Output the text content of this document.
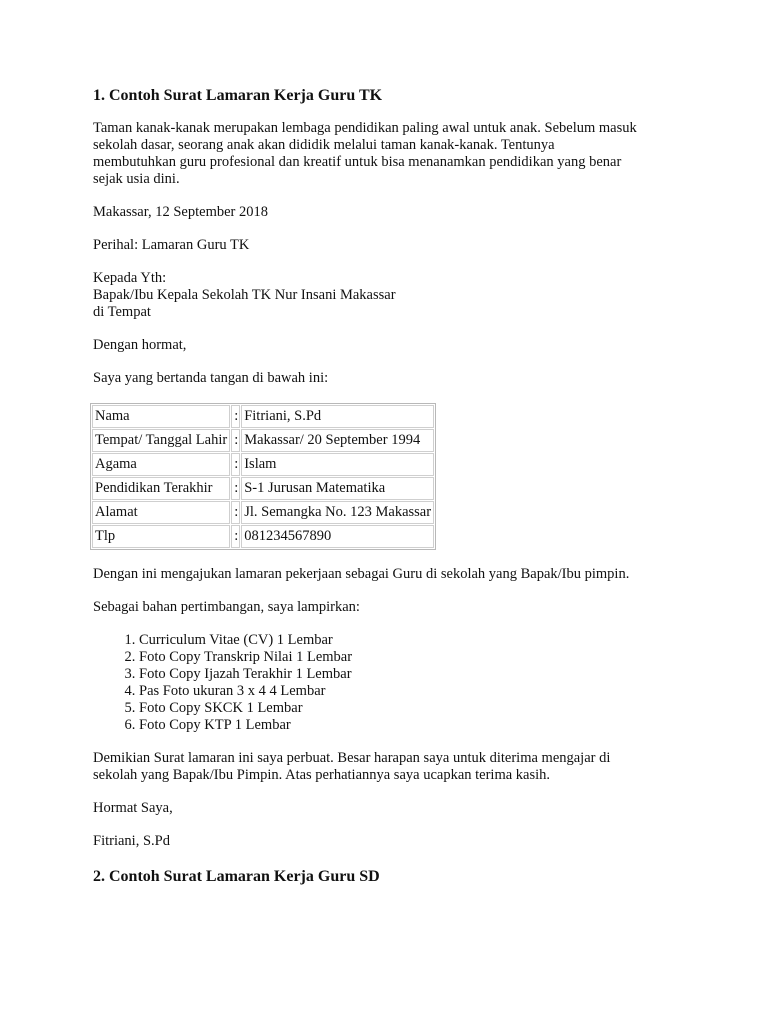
1. Contoh Surat Lamaran Kerja Guru TK

Taman kanak-kanak merupakan lembaga pendidikan paling awal untuk anak. Sebelum masuk
sekolah dasar, seorang anak akan dididik melalui taman kanak-kanak. Tentunya
membutuhkan guru profesional dan kreatif untuk bisa menanamkan pendidikan yang benar
sejak usia dini.

Makassar, 12 September 2018

Perihal: Lamaran Guru TK

Kepada Yth:
Bapak/Ibu Kepala Sekolah TK Nur Insani Makassar
di Tempat

Dengan hormat,

Saya yang bertanda tangan di bawah ini:

Nama	:	Fitriani, S.Pd
Tempat/ Tanggal Lahir	:	Makassar/ 20 September 1994
Agama	:	Islam
Pendidikan Terakhir	:	S-1 Jurusan Matematika
Alamat	:	Jl. Semangka No. 123 Makassar
Tlp	:	081234567890

Dengan ini mengajukan lamaran pekerjaan sebagai Guru di sekolah yang Bapak/Ibu pimpin.

Sebagai bahan pertimbangan, saya lampirkan:

1. Curriculum Vitae (CV) 1 Lembar
2. Foto Copy Transkrip Nilai 1 Lembar
3. Foto Copy Ijazah Terakhir 1 Lembar
4. Pas Foto ukuran 3 x 4 4 Lembar
5. Foto Copy SKCK 1 Lembar
6. Foto Copy KTP 1 Lembar

Demikian Surat lamaran ini saya perbuat. Besar harapan saya untuk diterima mengajar di
sekolah yang Bapak/Ibu Pimpin. Atas perhatiannya saya ucapkan terima kasih.

Hormat Saya,

Fitriani, S.Pd

2. Contoh Surat Lamaran Kerja Guru SD
